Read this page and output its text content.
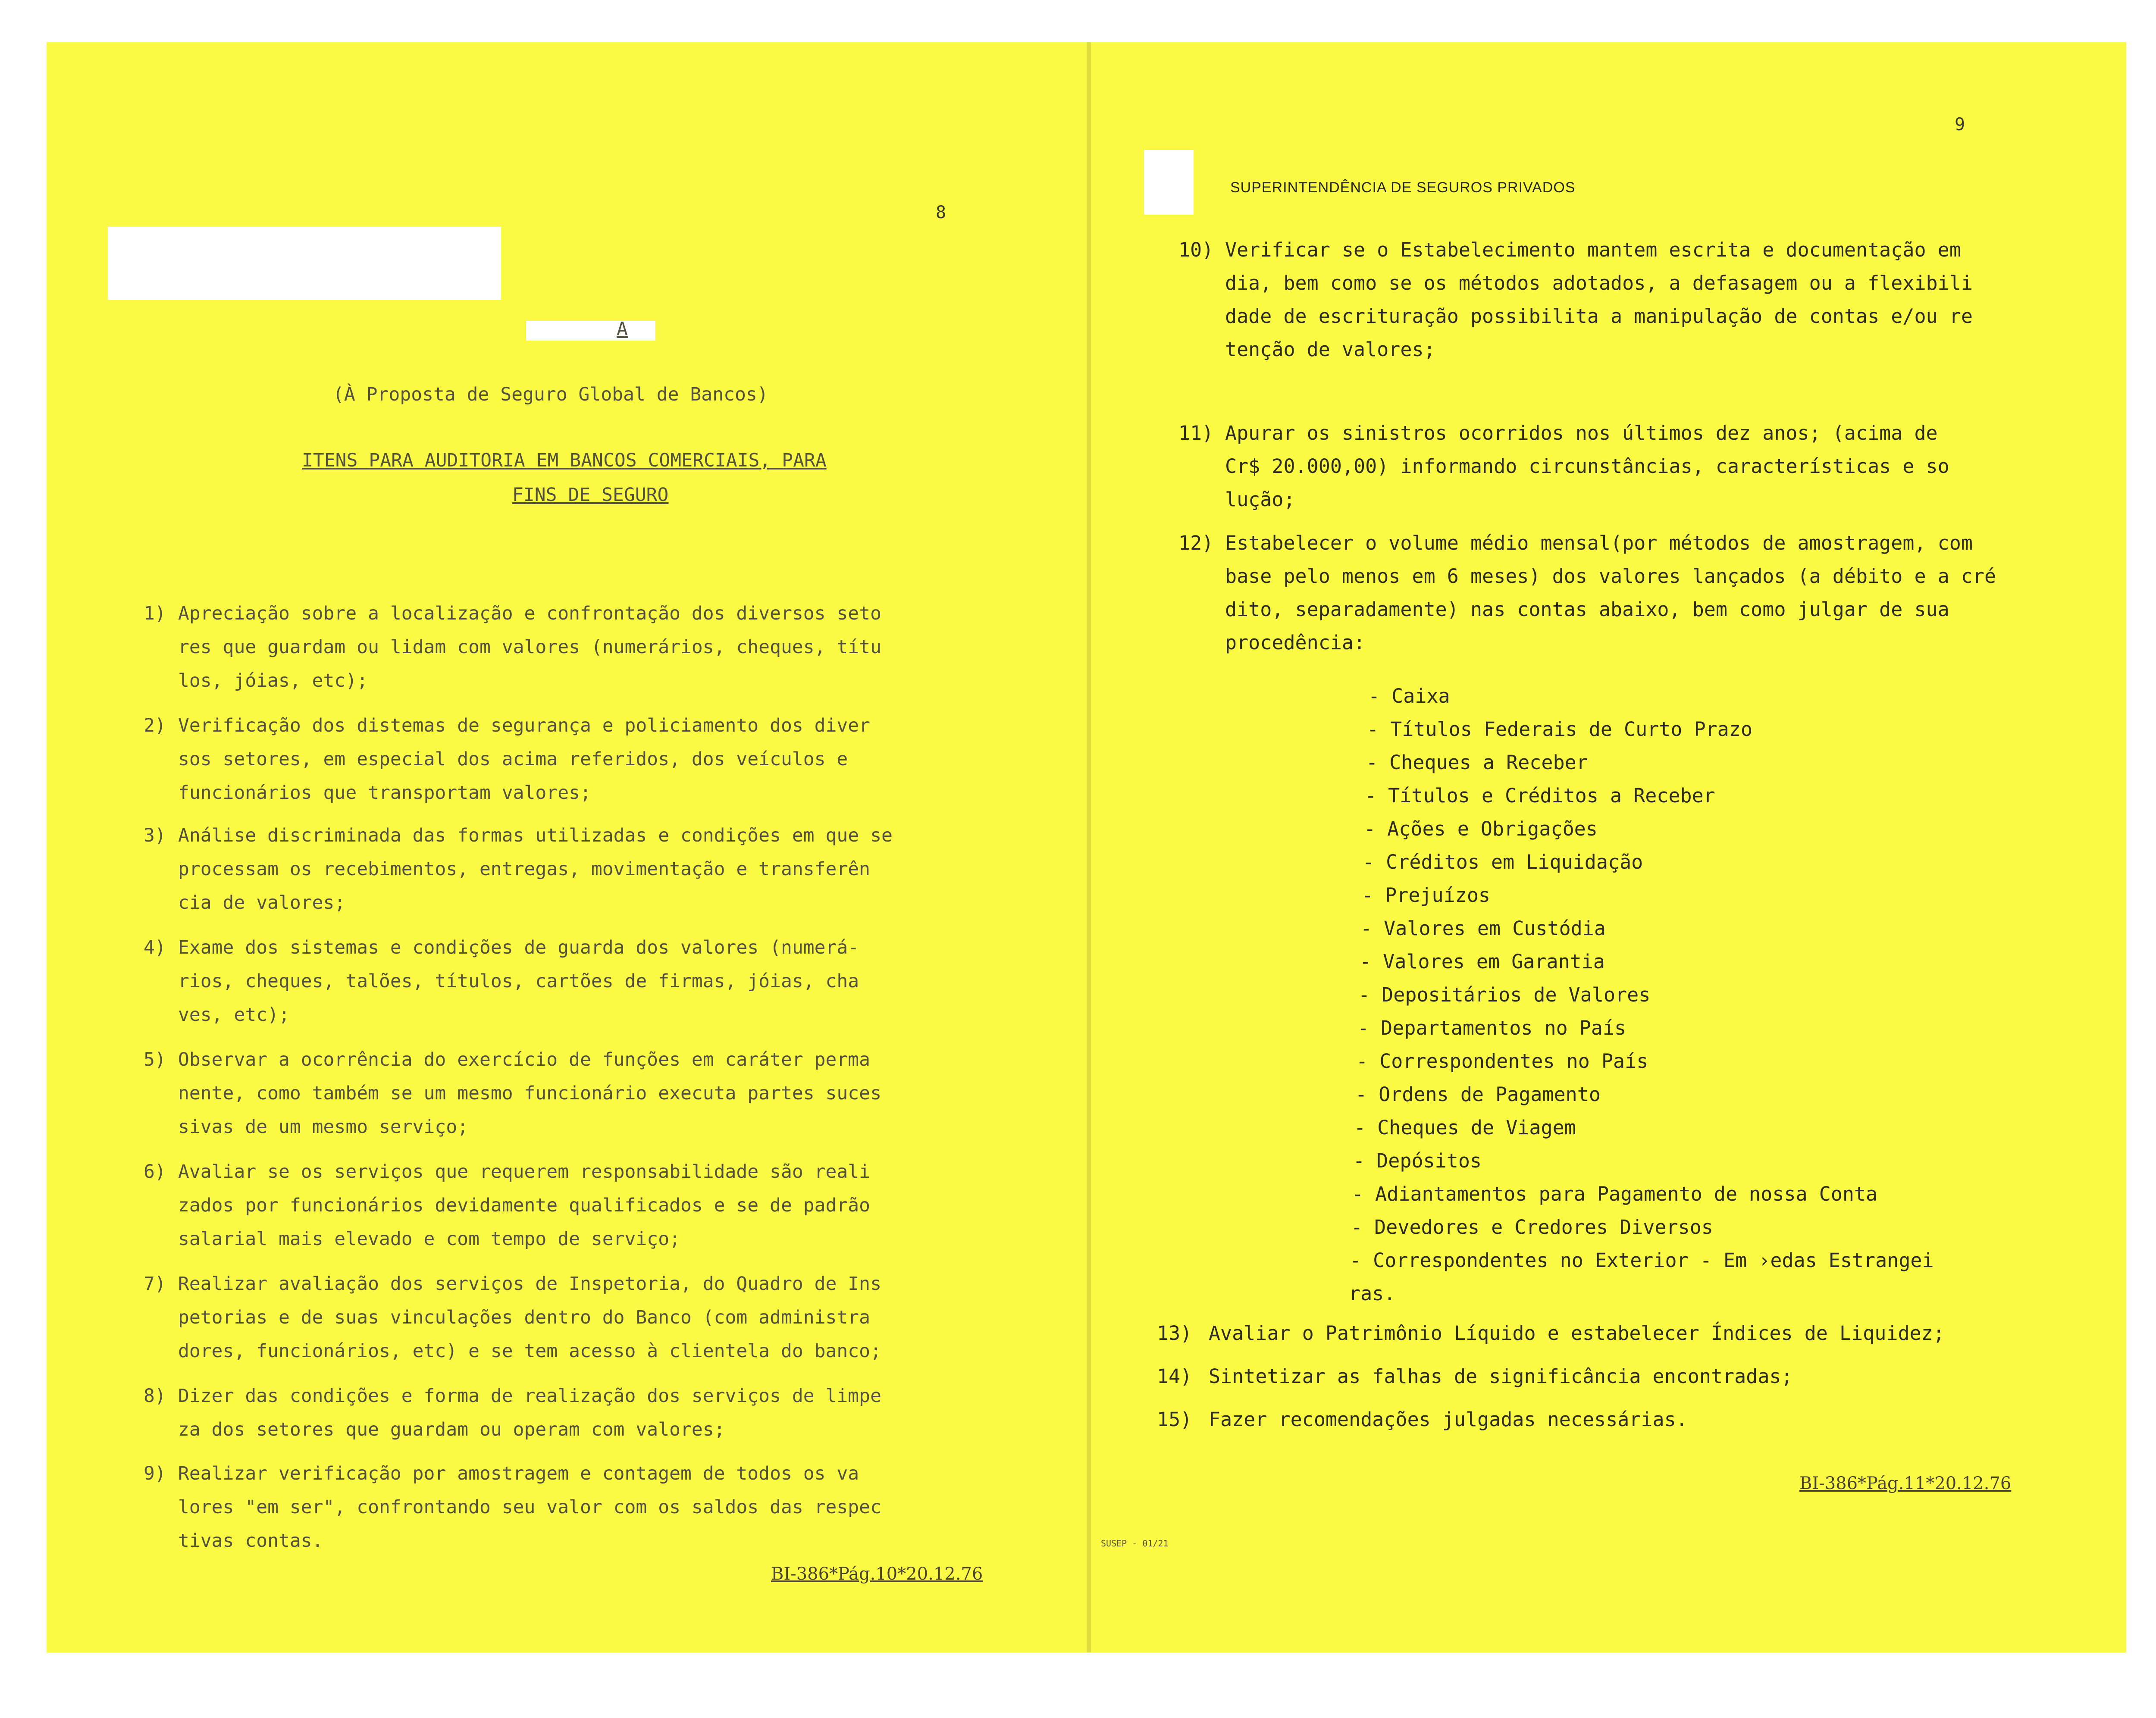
8
A
(À Proposta de Seguro Global de Bancos)
ITENS PARA AUDITORIA EM BANCOS COMERCIAIS, PARA
FINS DE SEGURO
BI-386*Pág.10*20.12.76
1) Apreciação sobre a localização e confrontação dos diversos seto
res que guardam ou lidam com valores (numerários, cheques, títu
los, jóias, etc);
2) Verificação dos distemas de segurança e policiamento dos diver
sos setores, em especial dos acima referidos, dos veículos e
funcionários que transportam valores;
3) Análise discriminada das formas utilizadas e condições em que se
processam os recebimentos, entregas, movimentação e transferên
cia de valores;
4) Exame dos sistemas e condições de guarda dos valores (numerá-
rios, cheques, talões, títulos, cartões de firmas, jóias, cha
ves, etc);
5) Observar a ocorrência do exercício de funções em caráter perma
nente, como também se um mesmo funcionário executa partes suces
sivas de um mesmo serviço;
6) Avaliar se os serviços que requerem responsabilidade são reali
zados por funcionários devidamente qualificados e se de padrão
salarial mais elevado e com tempo de serviço;
7) Realizar avaliação dos serviços de Inspetoria, do Quadro de Ins
petorias e de suas vinculações dentro do Banco (com administra
dores, funcionários, etc) e se tem acesso à clientela do banco;
8) Dizer das condições e forma de realização dos serviços de limpe
za dos setores que guardam ou operam com valores;
9) Realizar verificação por amostragem e contagem de todos os va
lores "em ser", confrontando seu valor com os saldos das respec
tivas contas.
9
SUPERINTENDÊNCIA DE SEGUROS PRIVADOS
BI-386*Pág.11*20.12.76
SUSEP - 01/21
10) Verificar se o Estabelecimento mantem escrita e documentação em
dia, bem como se os métodos adotados, a defasagem ou a flexibili
dade de escrituração possibilita a manipulação de contas e/ou re
tenção de valores;
11) Apurar os sinistros ocorridos nos últimos dez anos; (acima de
Cr$ 20.000,00) informando circunstâncias, características e so
lução;
12) Estabelecer o volume médio mensal(por métodos de amostragem, com
base pelo menos em 6 meses) dos valores lançados (a débito e a cré
dito, separadamente) nas contas abaixo, bem como julgar de sua
procedência:
- Caixa
- Títulos Federais de Curto Prazo
- Cheques a Receber
- Títulos e Créditos a Receber
- Ações e Obrigações
- Créditos em Liquidação
- Prejuízos
- Valores em Custódia
- Valores em Garantia
- Depositários de Valores
- Departamentos no País
- Correspondentes no País
- Ordens de Pagamento
- Cheques de Viagem
- Depósitos
- Adiantamentos para Pagamento de nossa Conta
- Devedores e Credores Diversos
- Correspondentes no Exterior - Em ›edas Estrangei
ras.
13) Avaliar o Patrimônio Líquido e estabelecer Índices de Liquidez;
14) Sintetizar as falhas de significância encontradas;
15) Fazer recomendações julgadas necessárias.
